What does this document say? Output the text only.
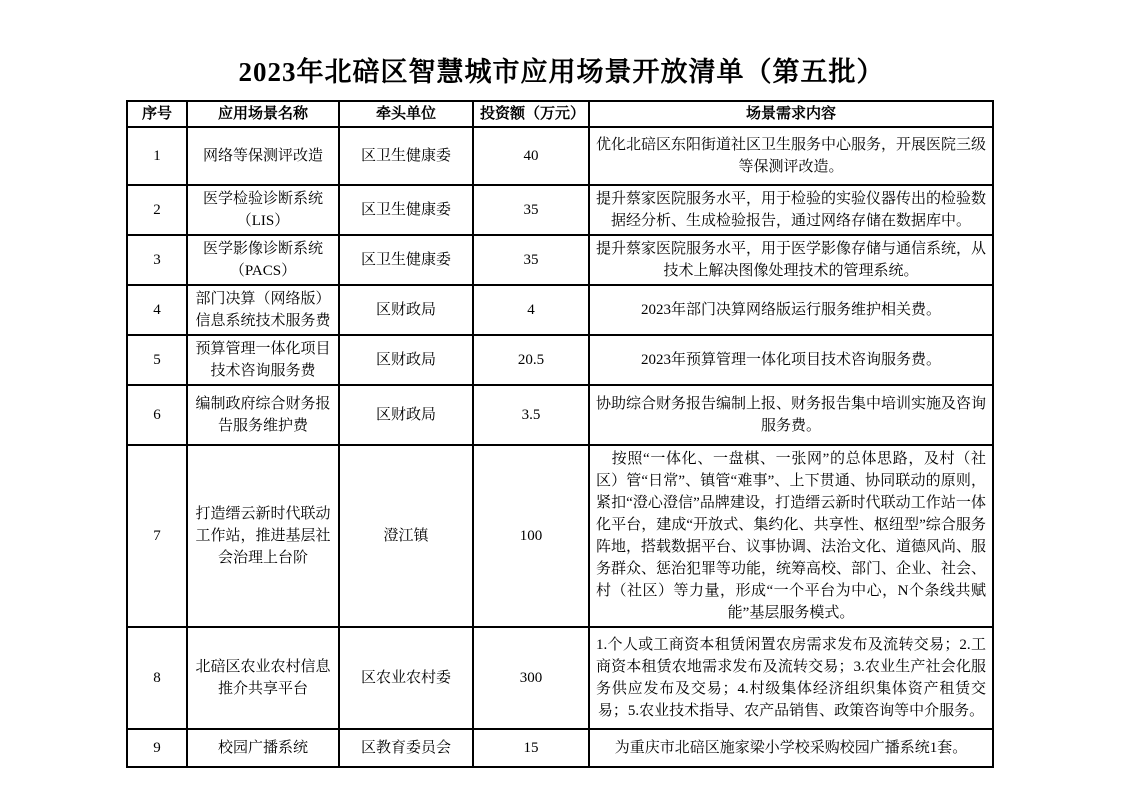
2023年北碚区智慧城市应用场景开放清单（第五批）
序号	应用场景名称	牵头单位	投资额（万元）	场景需求内容
1	网络等保测评改造	区卫生健康委	40	优化北碚区东阳街道社区卫生服务中心服务，开展医院三级等保测评改造。
2	医学检验诊断系统（LIS）	区卫生健康委	35	提升蔡家医院服务水平，用于检验的实验仪器传出的检验数据经分析、生成检验报告，通过网络存储在数据库中。
3	医学影像诊断系统（PACS）	区卫生健康委	35	提升蔡家医院服务水平，用于医学影像存储与通信系统，从技术上解决图像处理技术的管理系统。
4	部门决算（网络版）信息系统技术服务费	区财政局	4	2023年部门决算网络版运行服务维护相关费。
5	预算管理一体化项目技术咨询服务费	区财政局	20.5	2023年预算管理一体化项目技术咨询服务费。
6	编制政府综合财务报告服务维护费	区财政局	3.5	协助综合财务报告编制上报、财务报告集中培训实施及咨询服务费。
7	打造缙云新时代联动工作站，推进基层社会治理上台阶	澄江镇	100	　按照“一体化、一盘棋、一张网”的总体思路，及村（社区）管“日常”、镇管“难事”、上下贯通、协同联动的原则，紧扣“澄心澄信”品牌建设，打造缙云新时代联动工作站一体化平台，建成“开放式、集约化、共享性、枢纽型”综合服务阵地，搭载数据平台、议事协调、法治文化、道德风尚、服务群众、惩治犯罪等功能，统筹高校、部门、企业、社会、村（社区）等力量，形成“一个平台为中心，N个条线共赋能”基层服务模式。
8	北碚区农业农村信息推介共享平台	区农业农村委	300	1.个人或工商资本租赁闲置农房需求发布及流转交易；2.工商资本租赁农地需求发布及流转交易；3.农业生产社会化服务供应发布及交易；4.村级集体经济组织集体资产租赁交易；5.农业技术指导、农产品销售、政策咨询等中介服务。
9	校园广播系统	区教育委员会	15	为重庆市北碚区施家梁小学校采购校园广播系统1套。
